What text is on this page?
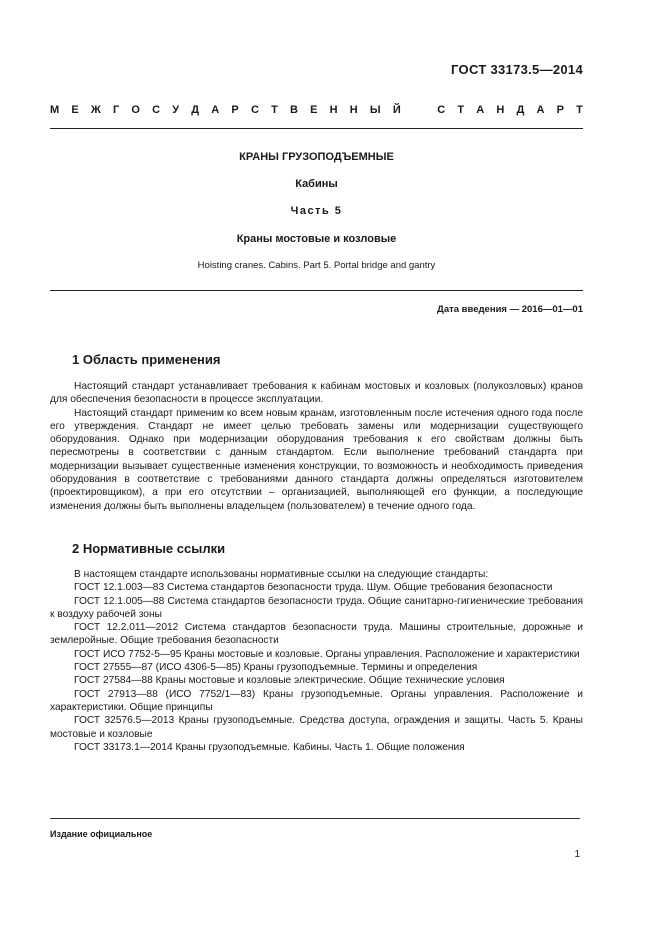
ГОСТ 33173.5—2014
М Е Ж Г О С У Д А Р С Т В Е Н Н Ы Й	С Т А Н Д А Р Т
КРАНЫ ГРУЗОПОДЪЕМНЫЕ
Кабины
Часть 5
Краны мостовые и козловые
Hoisting cranes. Cabins. Part 5. Portal bridge and gantry
Дата введения — 2016—01—01
1 Область применения

Настоящий стандарт устанавливает требования к кабинам мостовых и козловых (полукозловых) кранов для обеспечения безопасности в процессе эксплуатации.

Настоящий стандарт применим ко всем новым кранам, изготовленным после истечения одного года после его утверждения. Стандарт не имеет целью требовать замены или модернизации существующего оборудования. Однако при модернизации оборудования требования к его свойствам должны быть пересмотрены в соответствии с данным стандартом. Если выполнение требований стандарта при модернизации вызывает существенные изменения конструкции, то возможность и необходимость приведения оборудования в соответствие с требованиями данного стандарта должны определяться изготовителем (проектировщиком), а при его отсутствии – организацией, выполняющей его функции, а последующие изменения должны быть выполнены владельцем (пользователем) в течение одного года.

2 Нормативные ссылки

В настоящем стандарте использованы нормативные ссылки на следующие стандарты:

ГОСТ 12.1.003—83 Система стандартов безопасности труда. Шум. Общие требования безопасности

ГОСТ 12.1.005—88 Система стандартов безопасности труда. Общие санитарно-гигиенические требования к воздуху рабочей зоны

ГОСТ 12.2.011—2012 Система стандартов безопасности труда. Машины строительные, дорожные и землеройные. Общие требования безопасности

ГОСТ ИСО 7752-5—95 Краны мостовые и козловые. Органы управления. Расположение и характеристики

ГОСТ 27555—87 (ИСО 4306-5—85) Краны грузоподъемные. Термины и определения

ГОСТ 27584—88 Краны мостовые и козловые электрические. Общие технические условия

ГОСТ 27913—88 (ИСО 7752/1—83) Краны грузоподъемные. Органы управления. Расположение и характеристики. Общие принципы

ГОСТ 32576.5—2013 Краны грузоподъемные. Средства доступа, ограждения и защиты. Часть 5. Краны мостовые и козловые

ГОСТ 33173.1—2014 Краны грузоподъемные. Кабины. Часть 1. Общие положения

Издание официальное
1
